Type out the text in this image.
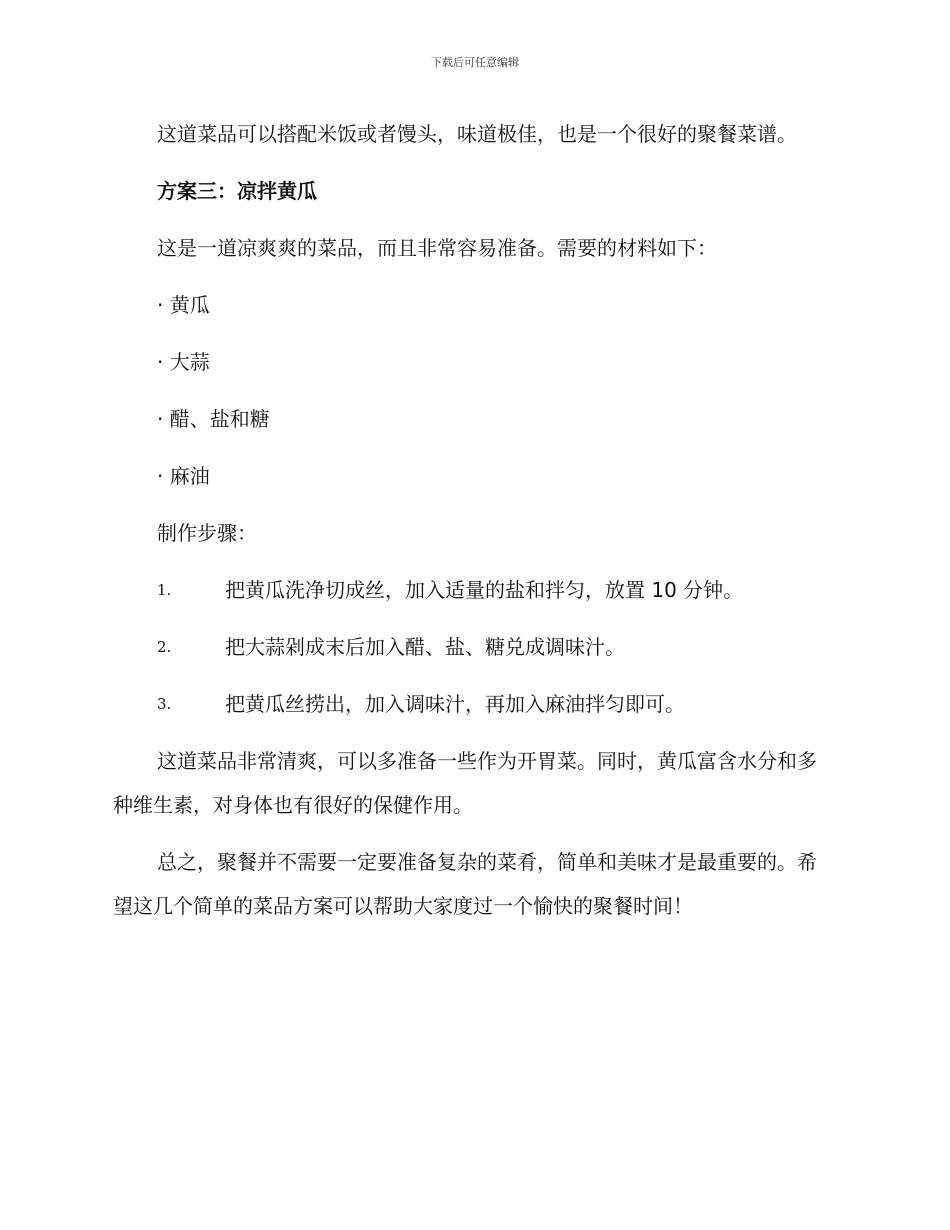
下载后可任意编辑

这道菜品可以搭配米饭或者馒头，味道极佳，也是一个很好的聚餐菜谱。

方案三：凉拌黄瓜

这是一道凉爽爽的菜品，而且非常容易准备。需要的材料如下：

· 黄瓜

· 大蒜

· 醋、盐和糖

· 麻油

制作步骤：

1.	把黄瓜洗净切成丝，加入适量的盐和拌匀，放置 10 分钟。
2.	把大蒜剁成末后加入醋、盐、糖兑成调味汁。
3.	把黄瓜丝捞出，加入调味汁，再加入麻油拌匀即可。

这道菜品非常清爽，可以多准备一些作为开胃菜。同时，黄瓜富含水分和多种维生素，对身体也有很好的保健作用。

总之，聚餐并不需要一定要准备复杂的菜肴，简单和美味才是最重要的。希望这几个简单的菜品方案可以帮助大家度过一个愉快的聚餐时间！
